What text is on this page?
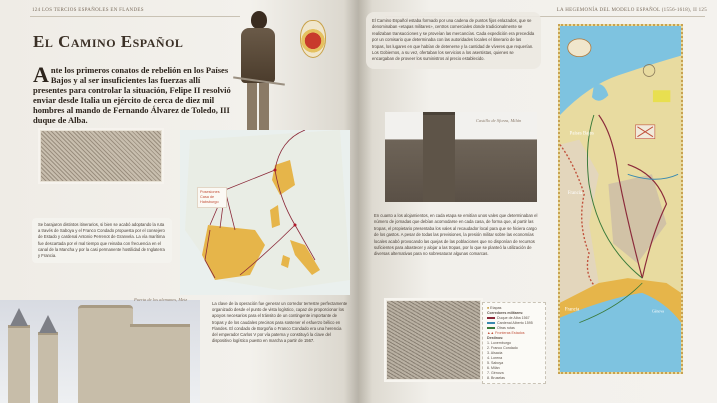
124 LOS TERCIOS ESPAÑOLES EN FLANDES
El Camino Español
A nte los primeros conatos de rebelión en los Países Bajos y al ser insuficientes las fuerzas allí presentes para controlar la situación, Felipe II resolvió enviar desde Italia un ejército de cerca de diez mil hombres al mando de Fernando Álvarez de Toledo, III duque de Alba.
Posesiones Casa de Habsburgo
Se barajaron distintos itinerarios, si bien se acabó adoptando la ruta a través de Saboya y el Franco Condado propuesta por el consejero de Estado y cardenal Antonio Perrenot de Granvela. La vía marítima fue descartada por el mal tiempo que reinaba con frecuencia en el canal de la Mancha y por la casi permanente hostilidad de Inglaterra y Francia.
Puerta de los alemanes, Metz
La clave de la operación fue generar un corredor terrestre perfectamente organizado desde el punto de vista logístico, capaz de proporcionar los apoyos necesarios para el tránsito de un contingente importante de tropas y de los caudales precisos para sostener el esfuerzo bélico en Flandes. El condado de Borgoña o Franco Condado era una herencia del emperador Carlos V por vía paterna y constituyó la clave del dispositivo logístico puesto en marcha a partir de 1567.
LA HEGEMONÍA DEL MODELO ESPAÑOL (1556-1618), II 125
El Camino Español estaba formado por una cadena de puntos fijos enlazados, que se denominaban «etapas militares», centros comerciales donde tradicionalmente se realizaban transacciones y se proveían las mercancías. Cada expedición era precedida por un comisario que determinaba con las autoridades locales el itinerario de las tropas, los lugares en que habían de detenerse y la cantidad de víveres que requerían. Los Gobiernos, a su vez, ofertaban los servicios a los asentistas, quienes se encargaban de proveer los suministros al precio establecido.
Castillo de Sforza, Milán
En cuanto a los alojamientos, en cada etapa se emitían unos vales que determinaban el número de jornadas que debían acomodarse en cada casa, de forma que, al partir las tropas, el propietario presentaba los vales al recaudador local para que se hiciera cargo de los gastos. A pesar de todas las previsiones, la presión militar sobre las economías locales acabó provocando las quejas de las poblaciones que no disponían de recursos suficientes para abastecer y alojar a las tropas, por lo que se planteó la utilización de diversas alternativas para no sobresaturar algunas comarcas.
■ Etapas
Corredores militares:
Duque de Alba 1567
Cardenal Alberto 1595
Otras rutas
▲▲ Fronteras Estados
Destinos:
1. Luxemburgo
2. Franco Condado
3. Alsacia
4. Lorena
5. Saboya
6. Milán
7. Génova
8. Bruselas
Francia
Francia	Génova
Países Bajos
